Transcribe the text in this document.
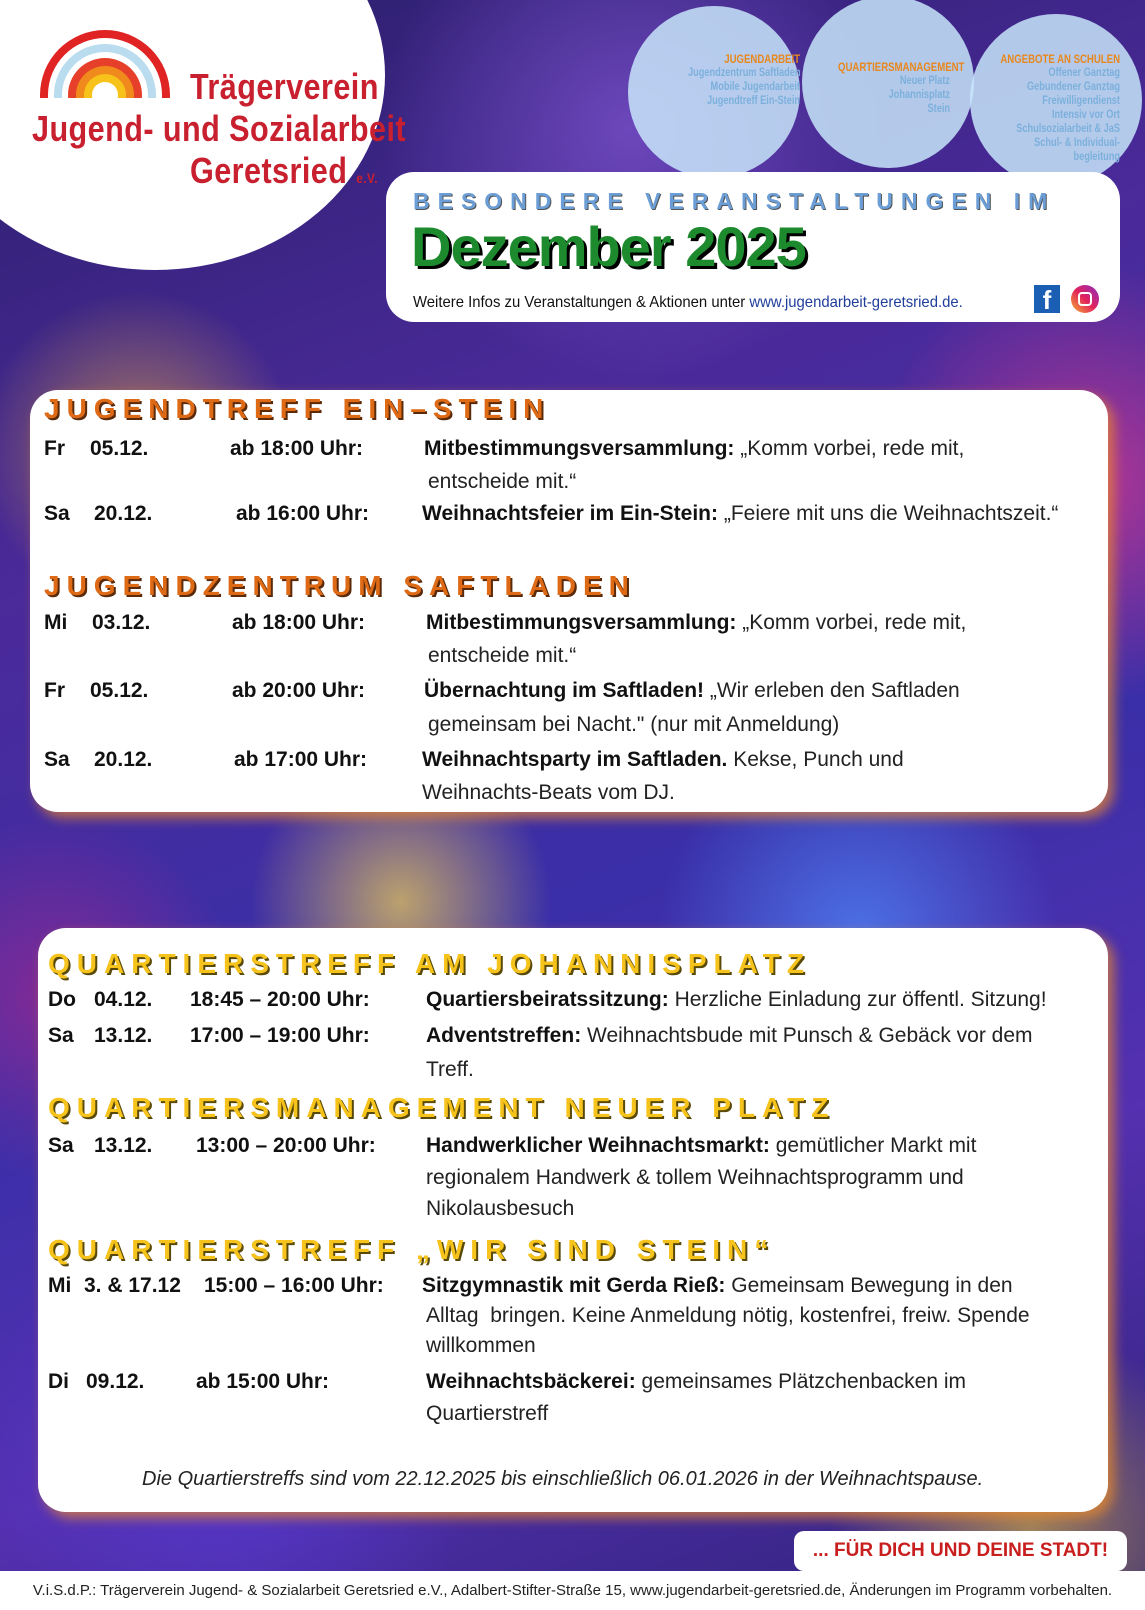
Trägerverein
Jugend- und Sozialarbeit
Geretsried e.V.
JUGENDARBEIT
Jugendzentrum Saftladen
Mobile Jugendarbeit
Jugendtreff Ein-Stein
QUARTIERSMANAGEMENT
Neuer Platz
Johannisplatz
Stein
ANGEBOTE AN SCHULEN
Offener Ganztag
Gebundener Ganztag
Freiwilligendienst
Intensiv vor Ort
Schulsozialarbeit & JaS
Schul- & Individual-
begleitung
BESONDERE VERANSTALTUNGEN IM
Dezember 2025
Weitere Infos zu Veranstaltungen & Aktionen unter www.jugendarbeit-geretsried.de.	f
JUGENDTREFF EIN–STEIN
Fr 05.12.	ab 18:00 Uhr:	Mitbestimmungsversammlung: „Komm vorbei, rede mit,
entscheide mit.“
Sa 20.12.	ab 16:00 Uhr:	Weihnachtsfeier im Ein-Stein: „Feiere mit uns die Weihnachtszeit.“
JUGENDZENTRUM SAFTLADEN
Mi 03.12.	ab 18:00 Uhr:	Mitbestimmungsversammlung: „Komm vorbei, rede mit,
entscheide mit.“
Fr 05.12.	ab 20:00 Uhr:	Übernachtung im Saftladen! „Wir erleben den Saftladen
gemeinsam bei Nacht." (nur mit Anmeldung)
Sa 20.12.	ab 17:00 Uhr:	Weihnachtsparty im Saftladen. Kekse, Punch und
Weihnachts-Beats vom DJ.
QUARTIERSTREFF AM JOHANNISPLATZ
Do 04.12. 18:45 – 20:00 Uhr:	Quartiersbeiratssitzung: Herzliche Einladung zur öffentl. Sitzung!
Sa 13.12. 17:00 – 19:00 Uhr:	Adventstreffen: Weihnachtsbude mit Punsch & Gebäck vor dem
Treff.
QUARTIERSMANAGEMENT NEUER PLATZ
Sa 13.12. 13:00 – 20:00 Uhr: Handwerklicher Weihnachtsmarkt: gemütlicher Markt mit
regionalem Handwerk & tollem Weihnachtsprogramm und
Nikolausbesuch
QUARTIERSTREFF „WIR SIND STEIN“
Mi 3. & 17.12 15:00 – 16:00 Uhr: Sitzgymnastik mit Gerda Rieß: Gemeinsam Bewegung in den
Alltag  bringen. Keine Anmeldung nötig, kostenfrei, freiw. Spende
willkommen
Di 09.12. ab 15:00 Uhr:	Weihnachtsbäckerei: gemeinsames Plätzchenbacken im
Quartierstreff
Die Quartierstreffs sind vom 22.12.2025 bis einschließlich 06.01.2026 in der Weihnachtspause.
... FÜR DICH UND DEINE STADT!
V.i.S.d.P.: Trägerverein Jugend- & Sozialarbeit Geretsried e.V., Adalbert-Stifter-Straße 15, www.jugendarbeit-geretsried.de, Änderungen im Programm vorbehalten.
